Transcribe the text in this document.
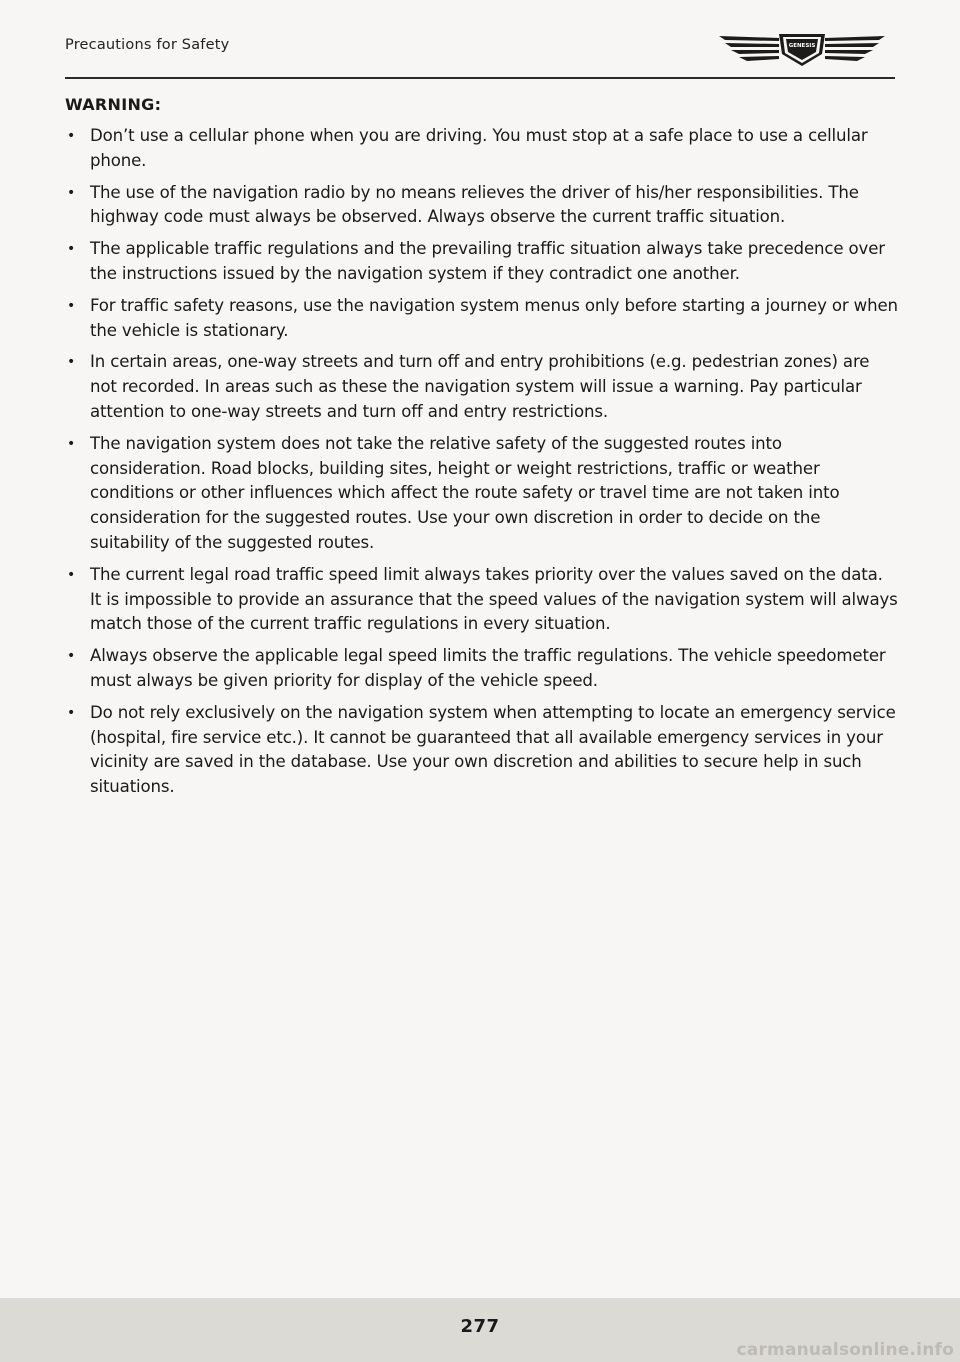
Precautions for Safety	GENESIS
WARNING:
• Don’t use a cellular phone when you are driving. You must stop at a safe place to use a cellular phone.
• The use of the navigation radio by no means relieves the driver of his/her responsibilities. The highway code must always be observed. Always observe the current traffic situation.
• The applicable traffic regulations and the prevailing traffic situation always take precedence over the instructions issued by the navigation system if they contradict one another.
• For traffic safety reasons, use the navigation system menus only before starting a journey or when the vehicle is stationary.
• In certain areas, one-way streets and turn off and entry prohibitions (e.g. pedestrian zones) are not recorded. In areas such as these the navigation system will issue a warning. Pay particular attention to one-way streets and turn off and entry restrictions.
• The navigation system does not take the relative safety of the suggested routes into consideration. Road blocks, building sites, height or weight restrictions, traffic or weather conditions or other influences which affect the route safety or travel time are not taken into consideration for the suggested routes. Use your own discretion in order to decide on the suitability of the suggested routes.
• The current legal road traffic speed limit always takes priority over the values saved on the data. It is impossible to provide an assurance that the speed values of the navigation system will always match those of the current traffic regulations in every situation.
• Always observe the applicable legal speed limits the traffic regulations. The vehicle speedometer must always be given priority for display of the vehicle speed.
• Do not rely exclusively on the navigation system when attempting to locate an emergency service (hospital, fire service etc.). It cannot be guaranteed that all available emergency services in your vicinity are saved in the database. Use your own discretion and abilities to secure help in such situations.
277
carmanualsonline.info
